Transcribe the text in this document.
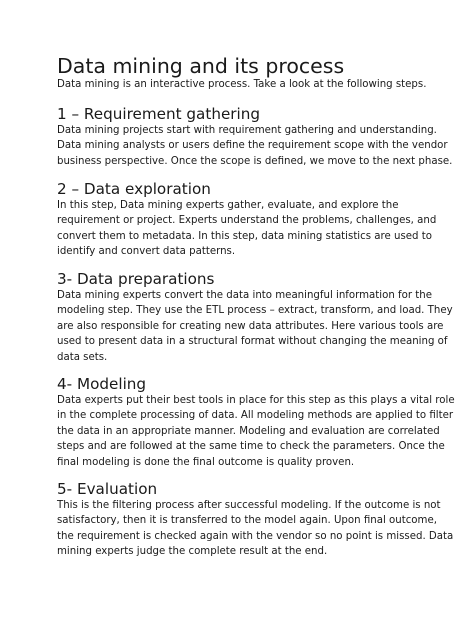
Data mining and its process

Data mining is an interactive process. Take a look at the following steps.

1 – Requirement gathering
Data mining projects start with requirement gathering and understanding.
Data mining analysts or users define the requirement scope with the vendor
business perspective. Once the scope is defined, we move to the next phase.
2 – Data exploration
In this step, Data mining experts gather, evaluate, and explore the
requirement or project. Experts understand the problems, challenges, and
convert them to metadata. In this step, data mining statistics are used to
identify and convert data patterns.
3- Data preparations
Data mining experts convert the data into meaningful information for the
modeling step. They use the ETL process – extract, transform, and load. They
are also responsible for creating new data attributes. Here various tools are
used to present data in a structural format without changing the meaning of
data sets.
4- Modeling
Data experts put their best tools in place for this step as this plays a vital role
in the complete processing of data. All modeling methods are applied to filter
the data in an appropriate manner. Modeling and evaluation are correlated
steps and are followed at the same time to check the parameters. Once the
final modeling is done the final outcome is quality proven.
5- Evaluation
This is the filtering process after successful modeling. If the outcome is not
satisfactory, then it is transferred to the model again. Upon final outcome,
the requirement is checked again with the vendor so no point is missed. Data
mining experts judge the complete result at the end.
